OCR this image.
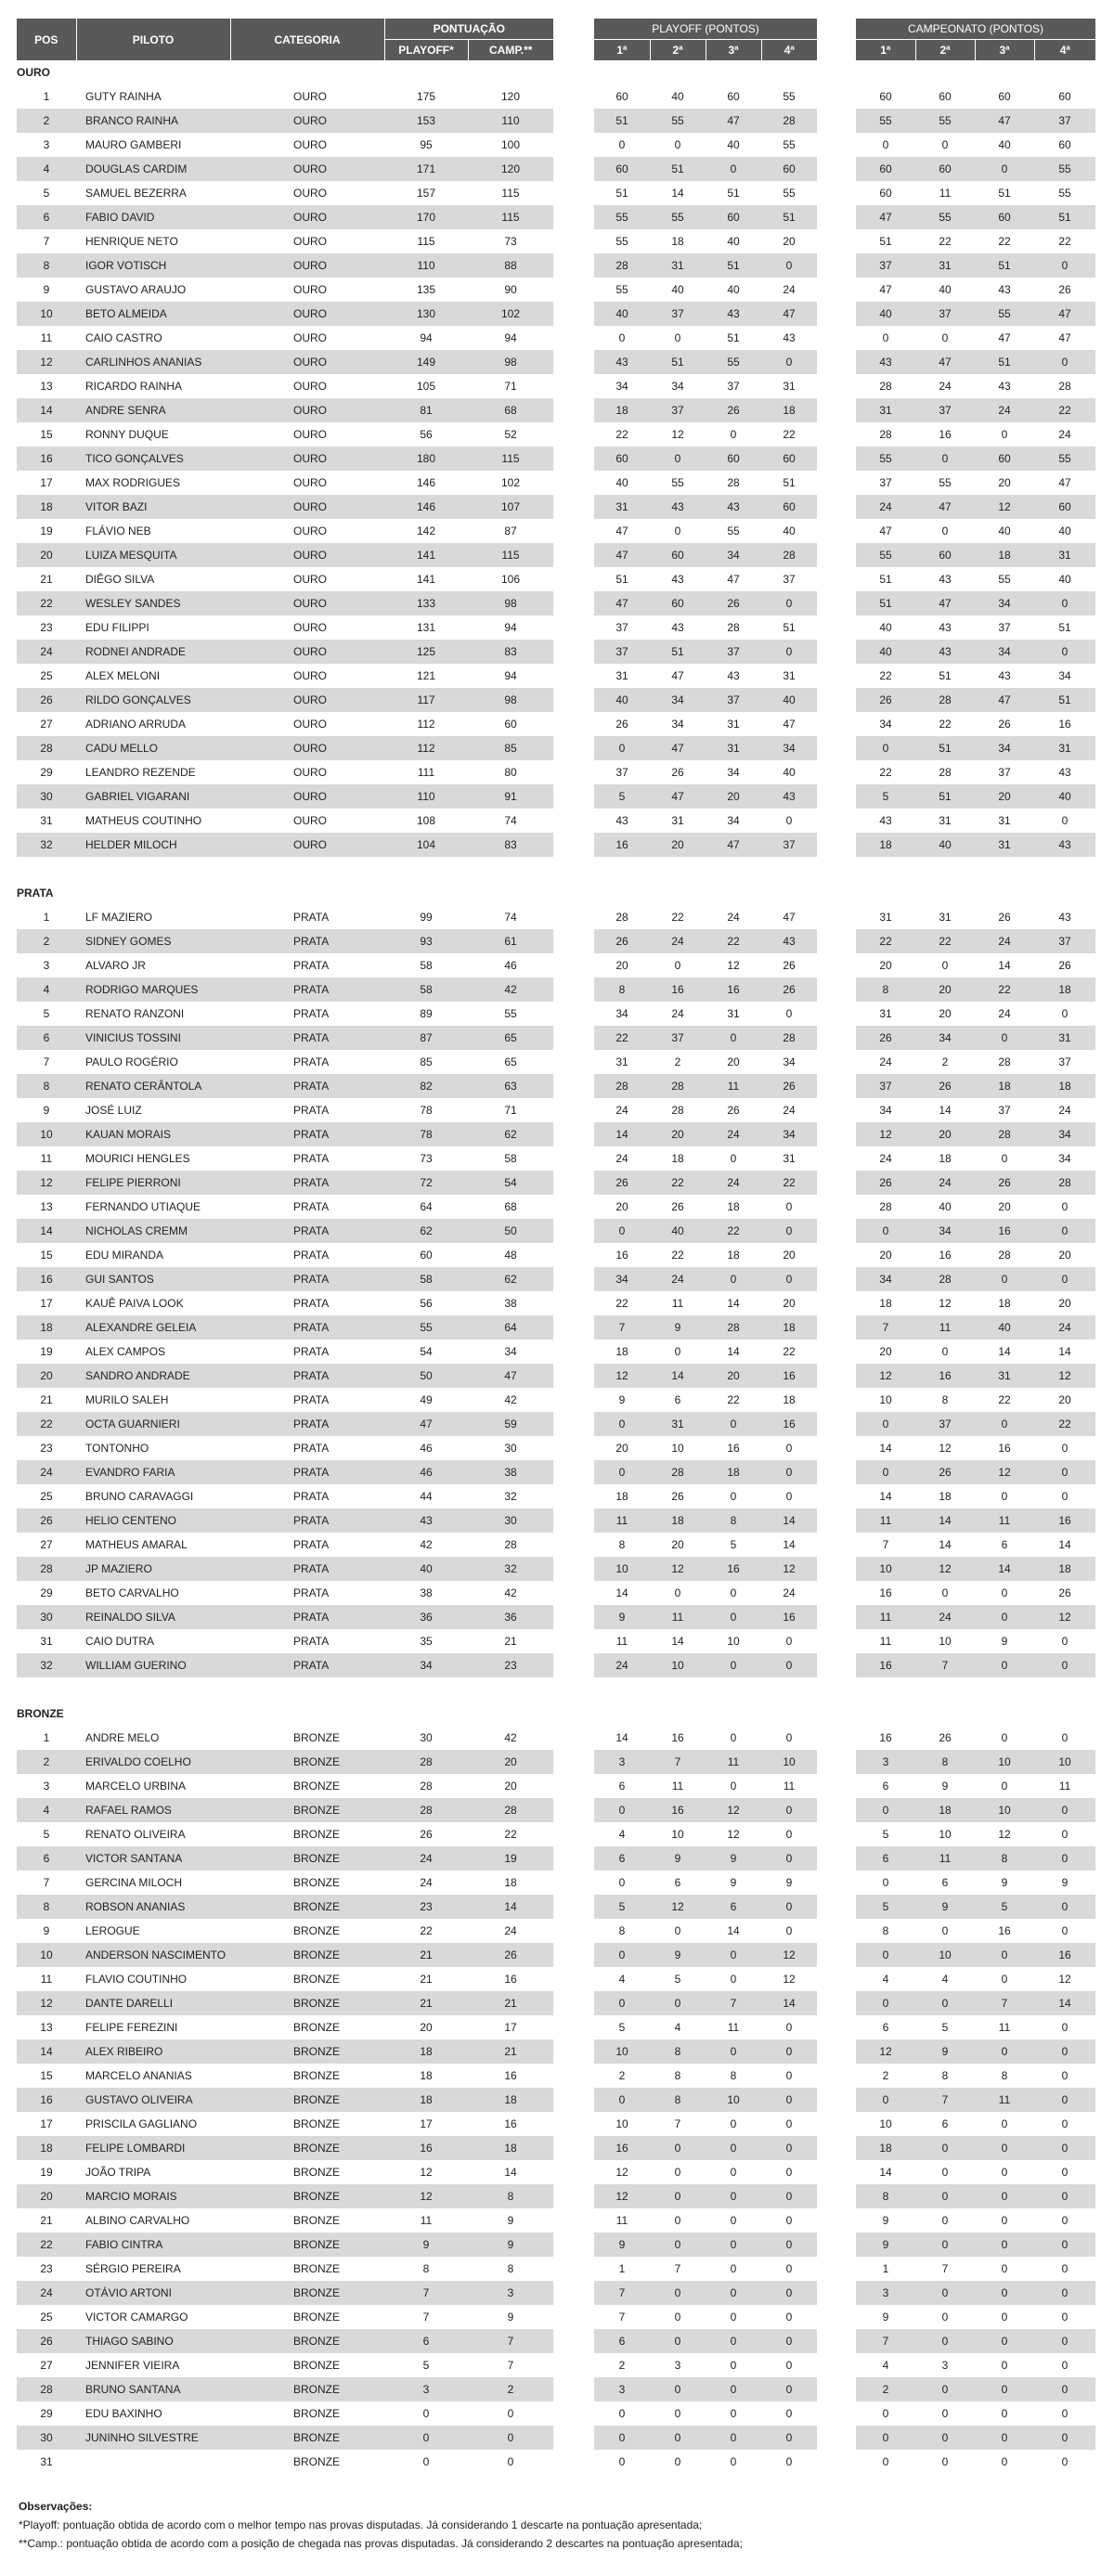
POS	PILOTO	CATEGORIA	PONTUAÇÃO			PLAYOFF (PONTOS)					CAMPEONATO (PONTOS)			
			PLAYOFF*	CAMP.**		1ª	2ª	3ª	4ª		1ª	2ª	3ª	4ª
OURO														
1	GUTY RAINHA	OURO	175	120		60	40	60	55		60	60	60	60
2	BRANCO RAINHA	OURO	153	110		51	55	47	28		55	55	47	37
3	MAURO GAMBERI	OURO	95	100		0	0	40	55		0	0	40	60
4	DOUGLAS CARDIM	OURO	171	120		60	51	0	60		60	60	0	55
5	SAMUEL BEZERRA	OURO	157	115		51	14	51	55		60	11	51	55
6	FABIO DAVID	OURO	170	115		55	55	60	51		47	55	60	51
7	HENRIQUE NETO	OURO	115	73		55	18	40	20		51	22	22	22
8	IGOR VOTISCH	OURO	110	88		28	31	51	0		37	31	51	0
9	GUSTAVO ARAUJO	OURO	135	90		55	40	40	24		47	40	43	26
10	BETO ALMEIDA	OURO	130	102		40	37	43	47		40	37	55	47
11	CAIO CASTRO	OURO	94	94		0	0	51	43		0	0	47	47
12	CARLINHOS ANANIAS	OURO	149	98		43	51	55	0		43	47	51	0
13	RICARDO RAINHA	OURO	105	71		34	34	37	31		28	24	43	28
14	ANDRE SENRA	OURO	81	68		18	37	26	18		31	37	24	22
15	RONNY DUQUE	OURO	56	52		22	12	0	22		28	16	0	24
16	TICO GONÇALVES	OURO	180	115		60	0	60	60		55	0	60	55
17	MAX RODRIGUES	OURO	146	102		40	55	28	51		37	55	20	47
18	VITOR BAZI	OURO	146	107		31	43	43	60		24	47	12	60
19	FLÁVIO NEB	OURO	142	87		47	0	55	40		47	0	40	40
20	LUIZA MESQUITA	OURO	141	115		47	60	34	28		55	60	18	31
21	DIÊGO SILVA	OURO	141	106		51	43	47	37		51	43	55	40
22	WESLEY SANDES	OURO	133	98		47	60	26	0		51	47	34	0
23	EDU FILIPPI	OURO	131	94		37	43	28	51		40	43	37	51
24	RODNEI ANDRADE	OURO	125	83		37	51	37	0		40	43	34	0
25	ALEX MELONI	OURO	121	94		31	47	43	31		22	51	43	34
26	RILDO GONÇALVES	OURO	117	98		40	34	37	40		26	28	47	51
27	ADRIANO ARRUDA	OURO	112	60		26	34	31	47		34	22	26	16
28	CADU MELLO	OURO	112	85		0	47	31	34		0	51	34	31
29	LEANDRO REZENDE	OURO	111	80		37	26	34	40		22	28	37	43
30	GABRIEL VIGARANI	OURO	110	91		5	47	20	43		5	51	20	40
31	MATHEUS COUTINHO	OURO	108	74		43	31	34	0		43	31	31	0
32	HELDER MILOCH	OURO	104	83		16	20	47	37		18	40	31	43

PRATA														
1	LF MAZIERO	PRATA	99	74		28	22	24	47		31	31	26	43
2	SIDNEY GOMES	PRATA	93	61		26	24	22	43		22	22	24	37
3	ALVARO JR	PRATA	58	46		20	0	12	26		20	0	14	26
4	RODRIGO MARQUES	PRATA	58	42		8	16	16	26		8	20	22	18
5	RENATO RANZONI	PRATA	89	55		34	24	31	0		31	20	24	0
6	VINICIUS TOSSINI	PRATA	87	65		22	37	0	28		26	34	0	31
7	PAULO ROGÉRIO	PRATA	85	65		31	2	20	34		24	2	28	37
8	RENATO CERÂNTOLA	PRATA	82	63		28	28	11	26		37	26	18	18
9	JOSÉ LUIZ	PRATA	78	71		24	28	26	24		34	14	37	24
10	KAUAN MORAIS	PRATA	78	62		14	20	24	34		12	20	28	34
11	MOURICI HENGLES	PRATA	73	58		24	18	0	31		24	18	0	34
12	FELIPE PIERRONI	PRATA	72	54		26	22	24	22		26	24	26	28
13	FERNANDO UTIAQUE	PRATA	64	68		20	26	18	0		28	40	20	0
14	NICHOLAS CREMM	PRATA	62	50		0	40	22	0		0	34	16	0
15	EDU MIRANDA	PRATA	60	48		16	22	18	20		20	16	28	20
16	GUI SANTOS	PRATA	58	62		34	24	0	0		34	28	0	0
17	KAUÊ PAIVA LOOK	PRATA	56	38		22	11	14	20		18	12	18	20
18	ALEXANDRE GELEIA	PRATA	55	64		7	9	28	18		7	11	40	24
19	ALEX CAMPOS	PRATA	54	34		18	0	14	22		20	0	14	14
20	SANDRO ANDRADE	PRATA	50	47		12	14	20	16		12	16	31	12
21	MURILO SALEH	PRATA	49	42		9	6	22	18		10	8	22	20
22	OCTA GUARNIERI	PRATA	47	59		0	31	0	16		0	37	0	22
23	TONTONHO	PRATA	46	30		20	10	16	0		14	12	16	0
24	EVANDRO FARIA	PRATA	46	38		0	28	18	0		0	26	12	0
25	BRUNO CARAVAGGI	PRATA	44	32		18	26	0	0		14	18	0	0
26	HELIO CENTENO	PRATA	43	30		11	18	8	14		11	14	11	16
27	MATHEUS AMARAL	PRATA	42	28		8	20	5	14		7	14	6	14
28	JP MAZIERO	PRATA	40	32		10	12	16	12		10	12	14	18
29	BETO CARVALHO	PRATA	38	42		14	0	0	24		16	0	0	26
30	REINALDO SILVA	PRATA	36	36		9	11	0	16		11	24	0	12
31	CAIO DUTRA	PRATA	35	21		11	14	10	0		11	10	9	0
32	WILLIAM GUERINO	PRATA	34	23		24	10	0	0		16	7	0	0

BRONZE														
1	ANDRE MELO	BRONZE	30	42		14	16	0	0		16	26	0	0
2	ERIVALDO COELHO	BRONZE	28	20		3	7	11	10		3	8	10	10
3	MARCELO URBINA	BRONZE	28	20		6	11	0	11		6	9	0	11
4	RAFAEL RAMOS	BRONZE	28	28		0	16	12	0		0	18	10	0
5	RENATO OLIVEIRA	BRONZE	26	22		4	10	12	0		5	10	12	0
6	VICTOR SANTANA	BRONZE	24	19		6	9	9	0		6	11	8	0
7	GERCINA MILOCH	BRONZE	24	18		0	6	9	9		0	6	9	9
8	ROBSON ANANIAS	BRONZE	23	14		5	12	6	0		5	9	5	0
9	LEROGUE	BRONZE	22	24		8	0	14	0		8	0	16	0
10	ANDERSON NASCIMENTO	BRONZE	21	26		0	9	0	12		0	10	0	16
11	FLAVIO COUTINHO	BRONZE	21	16		4	5	0	12		4	4	0	12
12	DANTE DARELLI	BRONZE	21	21		0	0	7	14		0	0	7	14
13	FELIPE FEREZINI	BRONZE	20	17		5	4	11	0		6	5	11	0
14	ALEX RIBEIRO	BRONZE	18	21		10	8	0	0		12	9	0	0
15	MARCELO ANANIAS	BRONZE	18	16		2	8	8	0		2	8	8	0
16	GUSTAVO OLIVEIRA	BRONZE	18	18		0	8	10	0		0	7	11	0
17	PRISCILA GAGLIANO	BRONZE	17	16		10	7	0	0		10	6	0	0
18	FELIPE LOMBARDI	BRONZE	16	18		16	0	0	0		18	0	0	0
19	JOÃO TRIPA	BRONZE	12	14		12	0	0	0		14	0	0	0
20	MARCIO MORAIS	BRONZE	12	8		12	0	0	0		8	0	0	0
21	ALBINO CARVALHO	BRONZE	11	9		11	0	0	0		9	0	0	0
22	FABIO CINTRA	BRONZE	9	9		9	0	0	0		9	0	0	0
23	SÉRGIO PEREIRA	BRONZE	8	8		1	7	0	0		1	7	0	0
24	OTÁVIO ARTONI	BRONZE	7	3		7	0	0	0		3	0	0	0
25	VICTOR CAMARGO	BRONZE	7	9		7	0	0	0		9	0	0	0
26	THIAGO SABINO	BRONZE	6	7		6	0	0	0		7	0	0	0
27	JENNIFER VIEIRA	BRONZE	5	7		2	3	0	0		4	3	0	0
28	BRUNO SANTANA	BRONZE	3	2		3	0	0	0		2	0	0	0
29	EDU BAXINHO	BRONZE	0	0		0	0	0	0		0	0	0	0
30	JUNINHO SILVESTRE	BRONZE	0	0		0	0	0	0		0	0	0	0
31		BRONZE	0	0		0	0	0	0		0	0	0	0
Observações:
*Playoff: pontuação obtida de acordo com o melhor tempo nas provas disputadas. Já considerando 1 descarte na pontuação apresentada;
**Camp.: pontuação obtida de acordo com a posição de chegada nas provas disputadas. Já considerando 2 descartes na pontuação apresentada;
